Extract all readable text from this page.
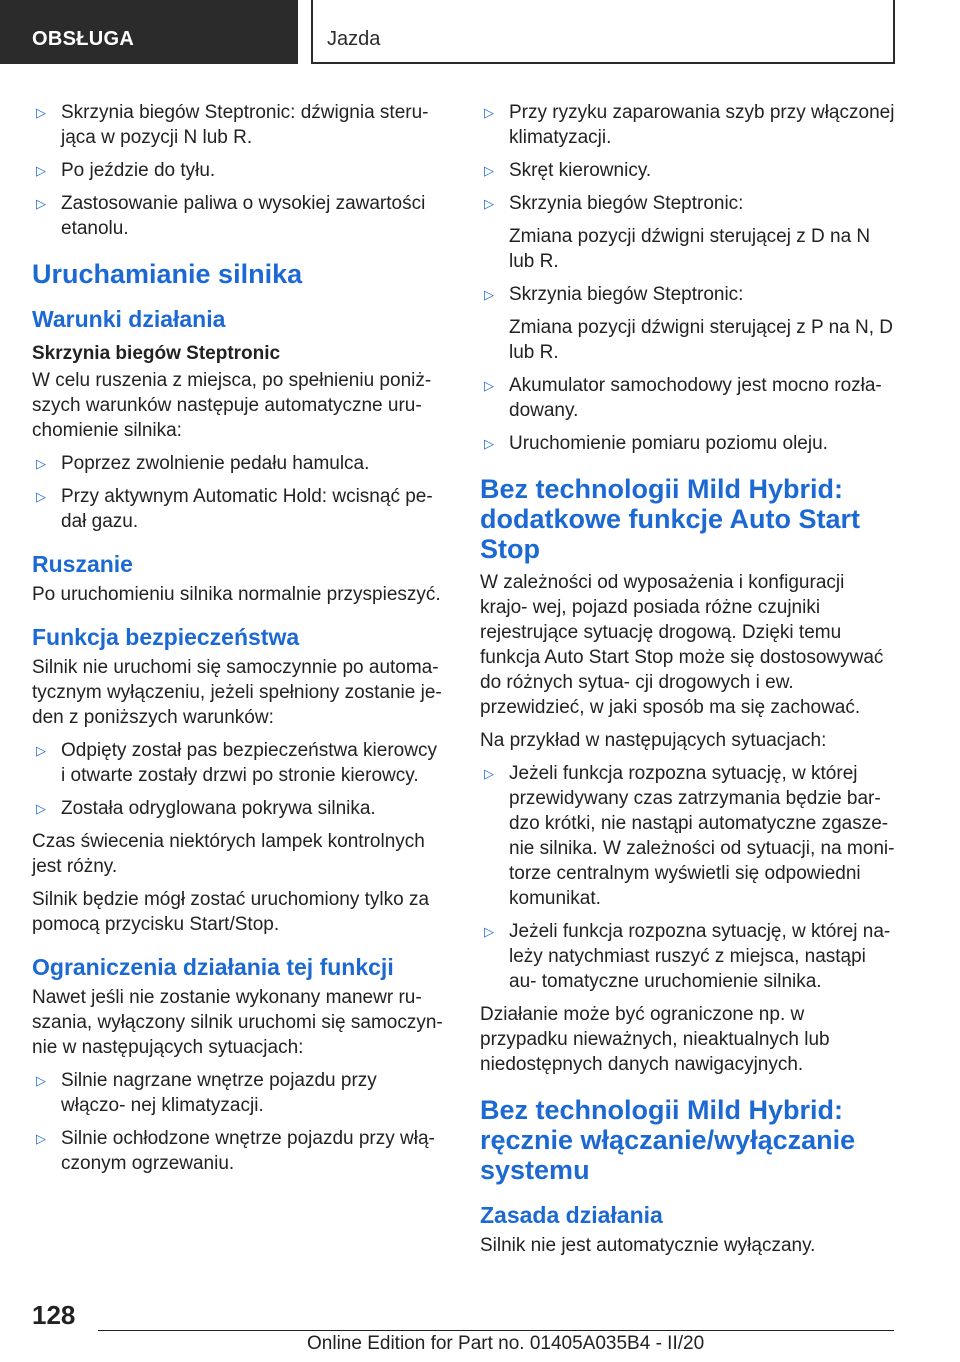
OBSŁUGA	Jazda
▷ Skrzynia biegów Steptronic: dźwignia steru‐ jąca w pozycji N lub R.
▷ Po jeździe do tyłu.
▷ Zastosowanie paliwa o wysokiej zawartości etanolu.
Uruchamianie silnika
Warunki działania
Skrzynia biegów Steptronic

W celu ruszenia z miejsca, po spełnieniu poniż‐ szych warunków następuje automatyczne uru‐ chomienie silnika:

▷ Poprzez zwolnienie pedału hamulca.
▷ Przy aktywnym Automatic Hold: wcisnąć pe‐ dał gazu.
Ruszanie

Po uruchomieniu silnika normalnie przyspieszyć.

Funkcja bezpieczeństwa

Silnik nie uruchomi się samoczynnie po automa‐ tycznym wyłączeniu, jeżeli spełniony zostanie je‐ den z poniższych warunków:

▷ Odpięty został pas bezpieczeństwa kierowcy i otwarte zostały drzwi po stronie kierowcy.
▷ Została odryglowana pokrywa silnika.

Czas świecenia niektórych lampek kontrolnych jest różny.

Silnik będzie mógł zostać uruchomiony tylko za pomocą przycisku Start/Stop.

Ograniczenia działania tej funkcji

Nawet jeśli nie zostanie wykonany manewr ru‐ szania, wyłączony silnik uruchomi się samoczyn‐ nie w następujących sytuacjach:

▷ Silnie nagrzane wnętrze pojazdu przy włączo‐ nej klimatyzacji.
▷ Silnie ochłodzone wnętrze pojazdu przy włą‐ czonym ogrzewaniu.
▷ Przy ryzyku zaparowania szyb przy włączonej klimatyzacji.
▷ Skręt kierownicy.
▷ Skrzynia biegów Steptronic:

Zmiana pozycji dźwigni sterującej z D na N lub R.

▷ Skrzynia biegów Steptronic:

Zmiana pozycji dźwigni sterującej z P na N, D lub R.

▷ Akumulator samochodowy jest mocno rozła‐ dowany.
▷ Uruchomienie pomiaru poziomu oleju.
Bez technologii Mild Hybrid: dodatkowe funkcje Auto Start Stop

W zależności od wyposażenia i konfiguracji krajo‐ wej, pojazd posiada różne czujniki rejestrujące sytuację drogową. Dzięki temu funkcja Auto Start Stop może się dostosowywać do różnych sytua‐ cji drogowych i ew. przewidzieć, w jaki sposób ma się zachować.

Na przykład w następujących sytuacjach:

▷ Jeżeli funkcja rozpozna sytuację, w której przewidywany czas zatrzymania będzie bar‐ dzo krótki, nie nastąpi automatyczne zgasze‐ nie silnika. W zależności od sytuacji, na moni‐ torze centralnym wyświetli się odpowiedni komunikat.
▷ Jeżeli funkcja rozpozna sytuację, w której na‐ leży natychmiast ruszyć z miejsca, nastąpi au‐ tomatyczne uruchomienie silnika.

Działanie może być ograniczone np. w przypadku nieważnych, nieaktualnych lub niedostępnych danych nawigacyjnych.

Bez technologii Mild Hybrid: ręcznie włączanie/wyłączanie systemu
Zasada działania

Silnik nie jest automatycznie wyłączany.

128
Online Edition for Part no. 01405A035B4 - II/20
